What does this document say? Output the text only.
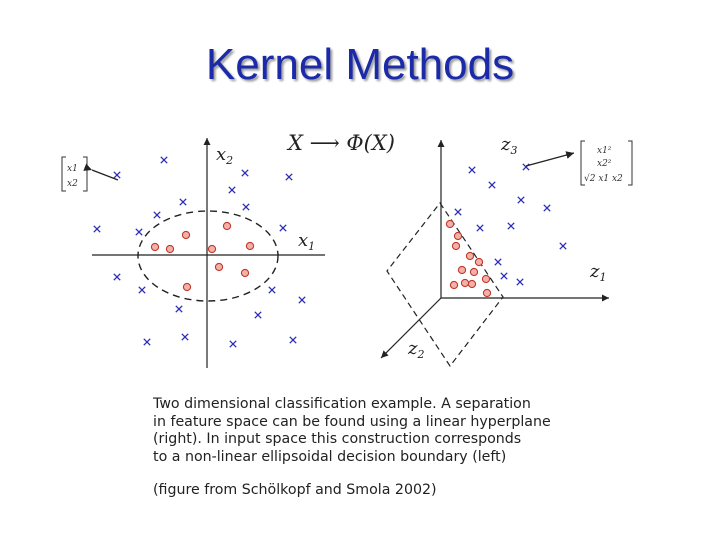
Kernel Methods
X ⟶ Φ(X)
$x_1$
$x_2$
x1
x2
$z_1$
$z_3$
$z_2$
x1²
x2²
√2 x1 x2
Two dimensional classification example. A separation
in feature space can be found using a linear hyperplane
(right). In input space this construction corresponds
to a non-linear ellipsoidal decision boundary (left)
(figure from Schölkopf and Smola 2002)
